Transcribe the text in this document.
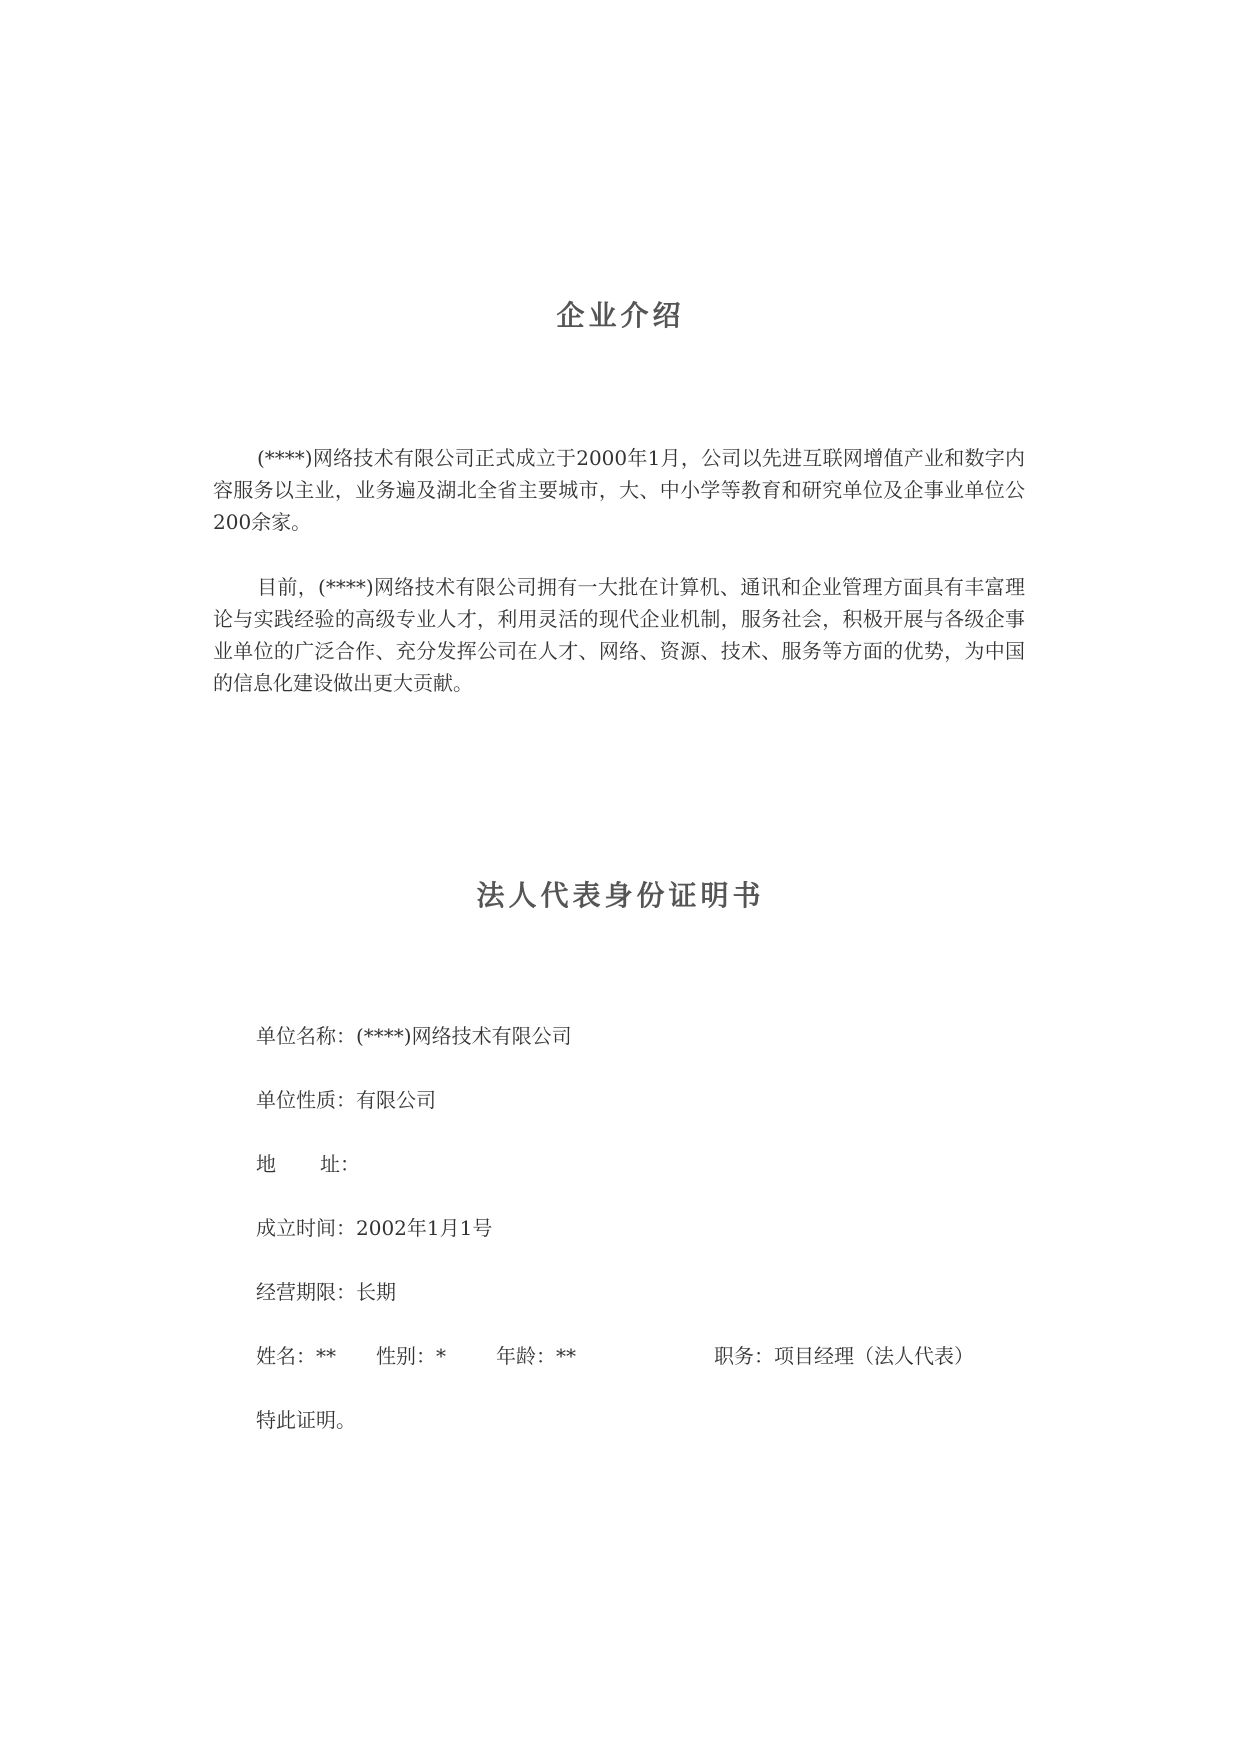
企业介绍

(****)网络技术有限公司正式成立于2000年1月，公司以先进互联网增值产业和数字内容服务以主业，业务遍及湖北全省主要城市，大、中小学等教育和研究单位及企事业单位公200余家。

目前，(****)网络技术有限公司拥有一大批在计算机、通讯和企业管理方面具有丰富理论与实践经验的高级专业人才，利用灵活的现代企业机制，服务社会，积极开展与各级企事业单位的广泛合作、充分发挥公司在人才、网络、资源、技术、服务等方面的优势，为中国的信息化建设做出更大贡献。

法人代表身份证明书
单位名称：(****)网络技术有限公司
单位性质：有限公司
地 址：
成立时间：2002年1月1号
经营期限：长期
姓名：** 性别：*	年龄：**	职务：项目经理（法人代表）
特此证明。
